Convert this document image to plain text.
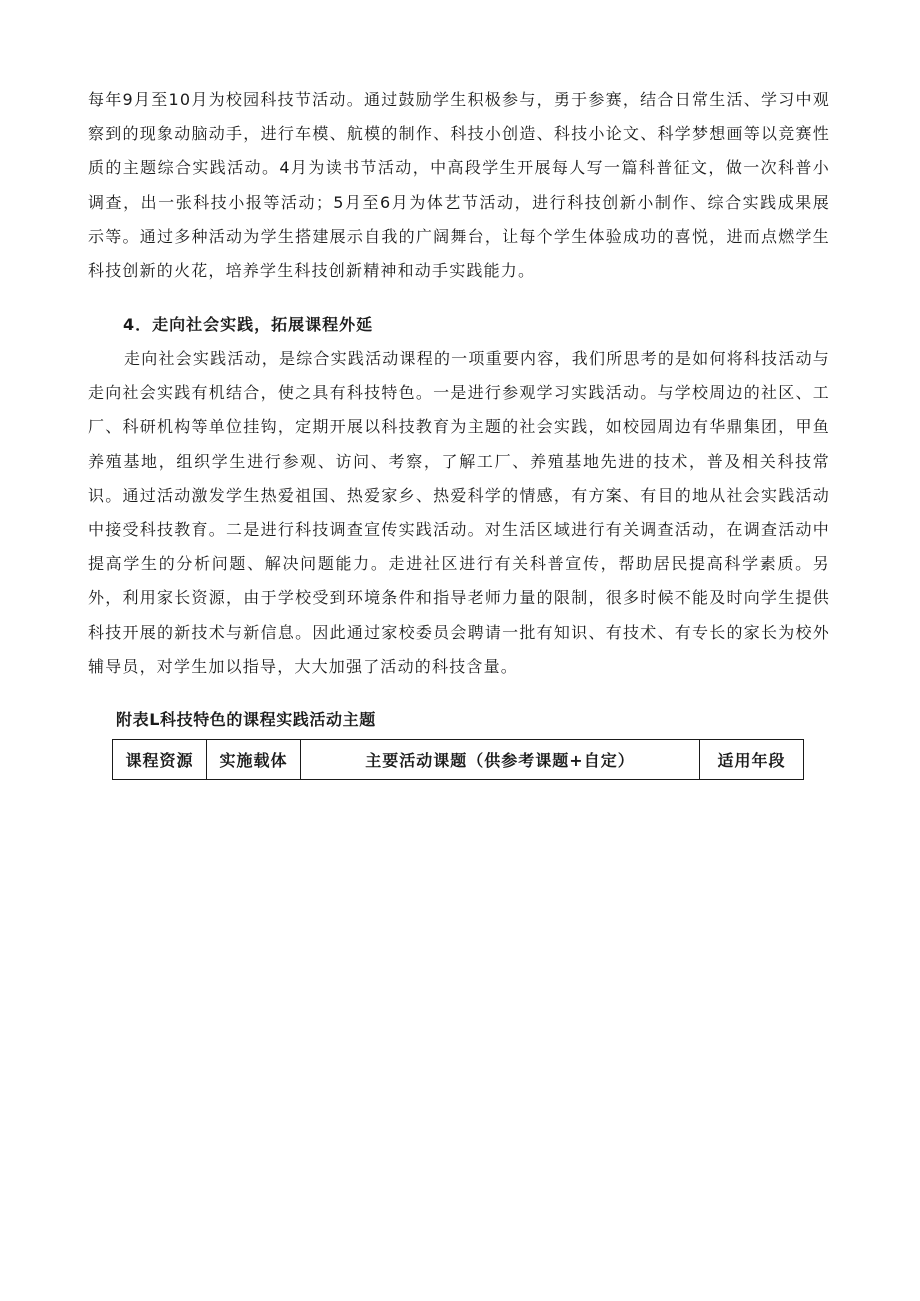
每年9月至10月为校园科技节活动。通过鼓励学生积极参与，勇于参赛，结合日常生活、学习中观察到的现象动脑动手，进行车模、航模的制作、科技小创造、科技小论文、科学梦想画等以竞赛性质的主题综合实践活动。4月为读书节活动，中高段学生开展每人写一篇科普征文，做一次科普小调查，出一张科技小报等活动；5月至6月为体艺节活动，进行科技创新小制作、综合实践成果展示等。通过多种活动为学生搭建展示自我的广阔舞台，让每个学生体验成功的喜悦，进而点燃学生科技创新的火花，培养学生科技创新精神和动手实践能力。

4．走向社会实践，拓展课程外延

走向社会实践活动，是综合实践活动课程的一项重要内容，我们所思考的是如何将科技活动与走向社会实践有机结合，使之具有科技特色。一是进行参观学习实践活动。与学校周边的社区、工厂、科研机构等单位挂钩，定期开展以科技教育为主题的社会实践，如校园周边有华鼎集团，甲鱼养殖基地，组织学生进行参观、访问、考察，了解工厂、养殖基地先进的技术，普及相关科技常识。通过活动激发学生热爱祖国、热爱家乡、热爱科学的情感，有方案、有目的地从社会实践活动中接受科技教育。二是进行科技调查宣传实践活动。对生活区域进行有关调查活动，在调查活动中提高学生的分析问题、解决问题能力。走进社区进行有关科普宣传，帮助居民提高科学素质。另外，利用家长资源，由于学校受到环境条件和指导老师力量的限制，很多时候不能及时向学生提供科技开展的新技术与新信息。因此通过家校委员会聘请一批有知识、有技术、有专长的家长为校外辅导员，对学生加以指导，大大加强了活动的科技含量。

附表L科技特色的课程实践活动主题

课程资源	实施载体	主要活动课题（供参考课题+自定）	适用年段
